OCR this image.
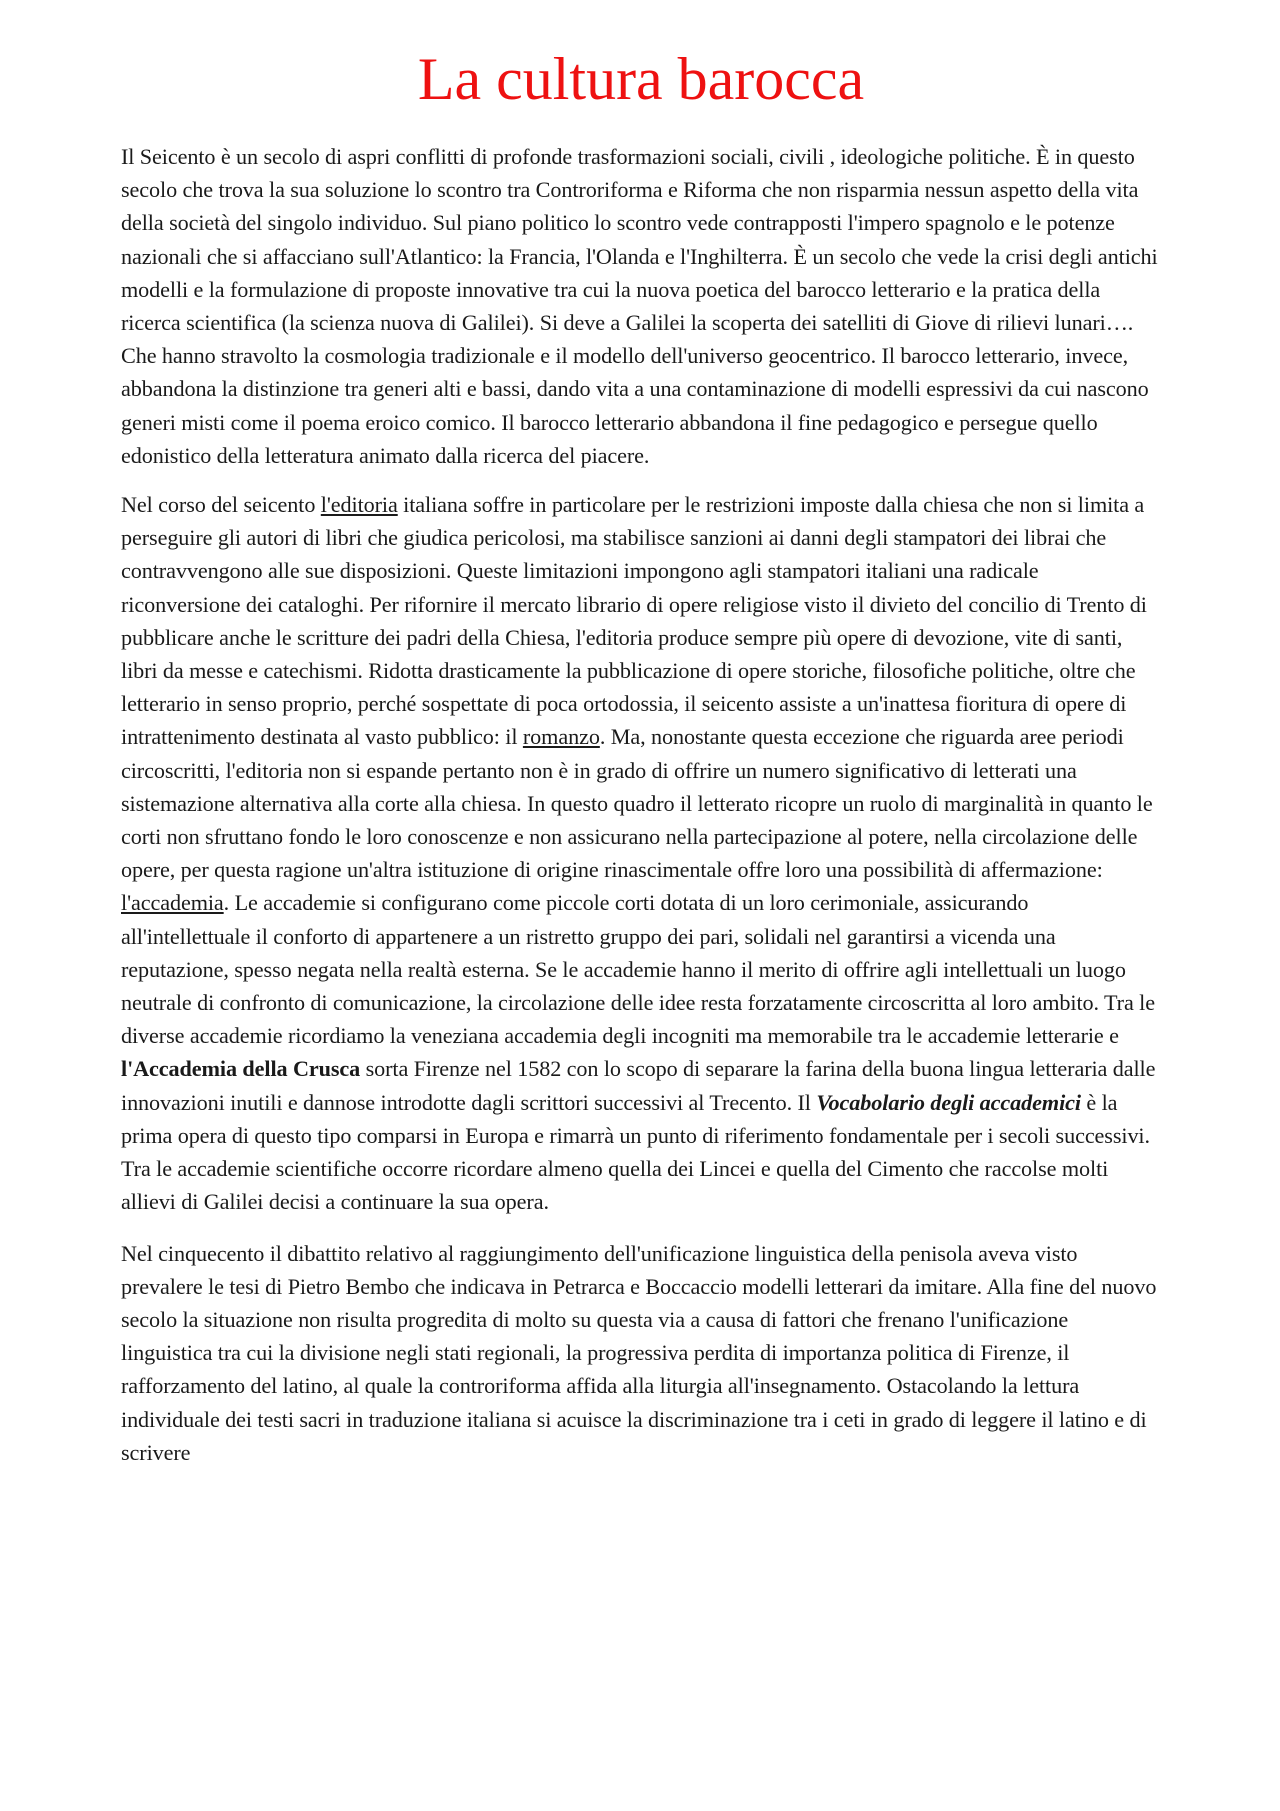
La cultura barocca

Il Seicento è un secolo di aspri conflitti di profonde trasformazioni sociali, civili , ideologiche politiche. È in questo secolo che trova la sua soluzione lo scontro tra Controriforma e Riforma che non risparmia nessun aspetto della vita della società del singolo individuo. Sul piano politico lo scontro vede contrapposti l'impero spagnolo e le potenze nazionali che si affacciano sull'Atlantico: la Francia, l'Olanda e l'Inghilterra. È un secolo che vede la crisi degli antichi modelli e la formulazione di proposte innovative tra cui la nuova poetica del barocco letterario e la pratica della ricerca scientifica (la scienza nuova di Galilei). Si deve a Galilei la scoperta dei satelliti di Giove di rilievi lunari…. Che hanno stravolto la cosmologia tradizionale e il modello dell'universo geocentrico. Il barocco letterario, invece, abbandona la distinzione tra generi alti e bassi, dando vita a una contaminazione di modelli espressivi da cui nascono generi misti come il poema eroico comico. Il barocco letterario abbandona il fine pedagogico e persegue quello edonistico della letteratura animato dalla ricerca del piacere.

Nel corso del seicento l'editoria italiana soffre in particolare per le restrizioni imposte dalla chiesa che non si limita a perseguire gli autori di libri che giudica pericolosi, ma stabilisce sanzioni ai danni degli stampatori dei librai che contravvengono alle sue disposizioni. Queste limitazioni impongono agli stampatori italiani una radicale riconversione dei cataloghi. Per rifornire il mercato librario di opere religiose visto il divieto del concilio di Trento di pubblicare anche le scritture dei padri della Chiesa, l'editoria produce sempre più opere di devozione, vite di santi, libri da messe e catechismi. Ridotta drasticamente la pubblicazione di opere storiche, filosofiche politiche, oltre che letterario in senso proprio, perché sospettate di poca ortodossia, il seicento assiste a un'inattesa fioritura di opere di intrattenimento destinata al vasto pubblico: il romanzo. Ma, nonostante questa eccezione che riguarda aree periodi circoscritti, l'editoria non si espande pertanto non è in grado di offrire un numero significativo di letterati una sistemazione alternativa alla corte alla chiesa. In questo quadro il letterato ricopre un ruolo di marginalità in quanto le corti non sfruttano fondo le loro conoscenze e non assicurano nella partecipazione al potere, nella circolazione delle opere, per questa ragione un'altra istituzione di origine rinascimentale offre loro una possibilità di affermazione: l'accademia. Le accademie si configurano come piccole corti dotata di un loro cerimoniale, assicurando all'intellettuale il conforto di appartenere a un ristretto gruppo dei pari, solidali nel garantirsi a vicenda una reputazione, spesso negata nella realtà esterna. Se le accademie hanno il merito di offrire agli intellettuali un luogo neutrale di confronto di comunicazione, la circolazione delle idee resta forzatamente circoscritta al loro ambito. Tra le diverse accademie ricordiamo la veneziana accademia degli incogniti ma memorabile tra le accademie letterarie e l'Accademia della Crusca sorta Firenze nel 1582 con lo scopo di separare la farina della buona lingua letteraria dalle innovazioni inutili e dannose introdotte dagli scrittori successivi al Trecento. Il Vocabolario degli accademici è la prima opera di questo tipo comparsi in Europa e rimarrà un punto di riferimento fondamentale per i secoli successivi. Tra le accademie scientifiche occorre ricordare almeno quella dei Lincei e quella del Cimento che raccolse molti allievi di Galilei decisi a continuare la sua opera.

Nel cinquecento il dibattito relativo al raggiungimento dell'unificazione linguistica della penisola aveva visto prevalere le tesi di Pietro Bembo che indicava in Petrarca e Boccaccio modelli letterari da imitare. Alla fine del nuovo secolo la situazione non risulta progredita di molto su questa via a causa di fattori che frenano l'unificazione linguistica tra cui la divisione negli stati regionali, la progressiva perdita di importanza politica di Firenze, il rafforzamento del latino, al quale la controriforma affida alla liturgia all'insegnamento. Ostacolando la lettura individuale dei testi sacri in traduzione italiana si acuisce la discriminazione tra i ceti in grado di leggere il latino e di scrivere
